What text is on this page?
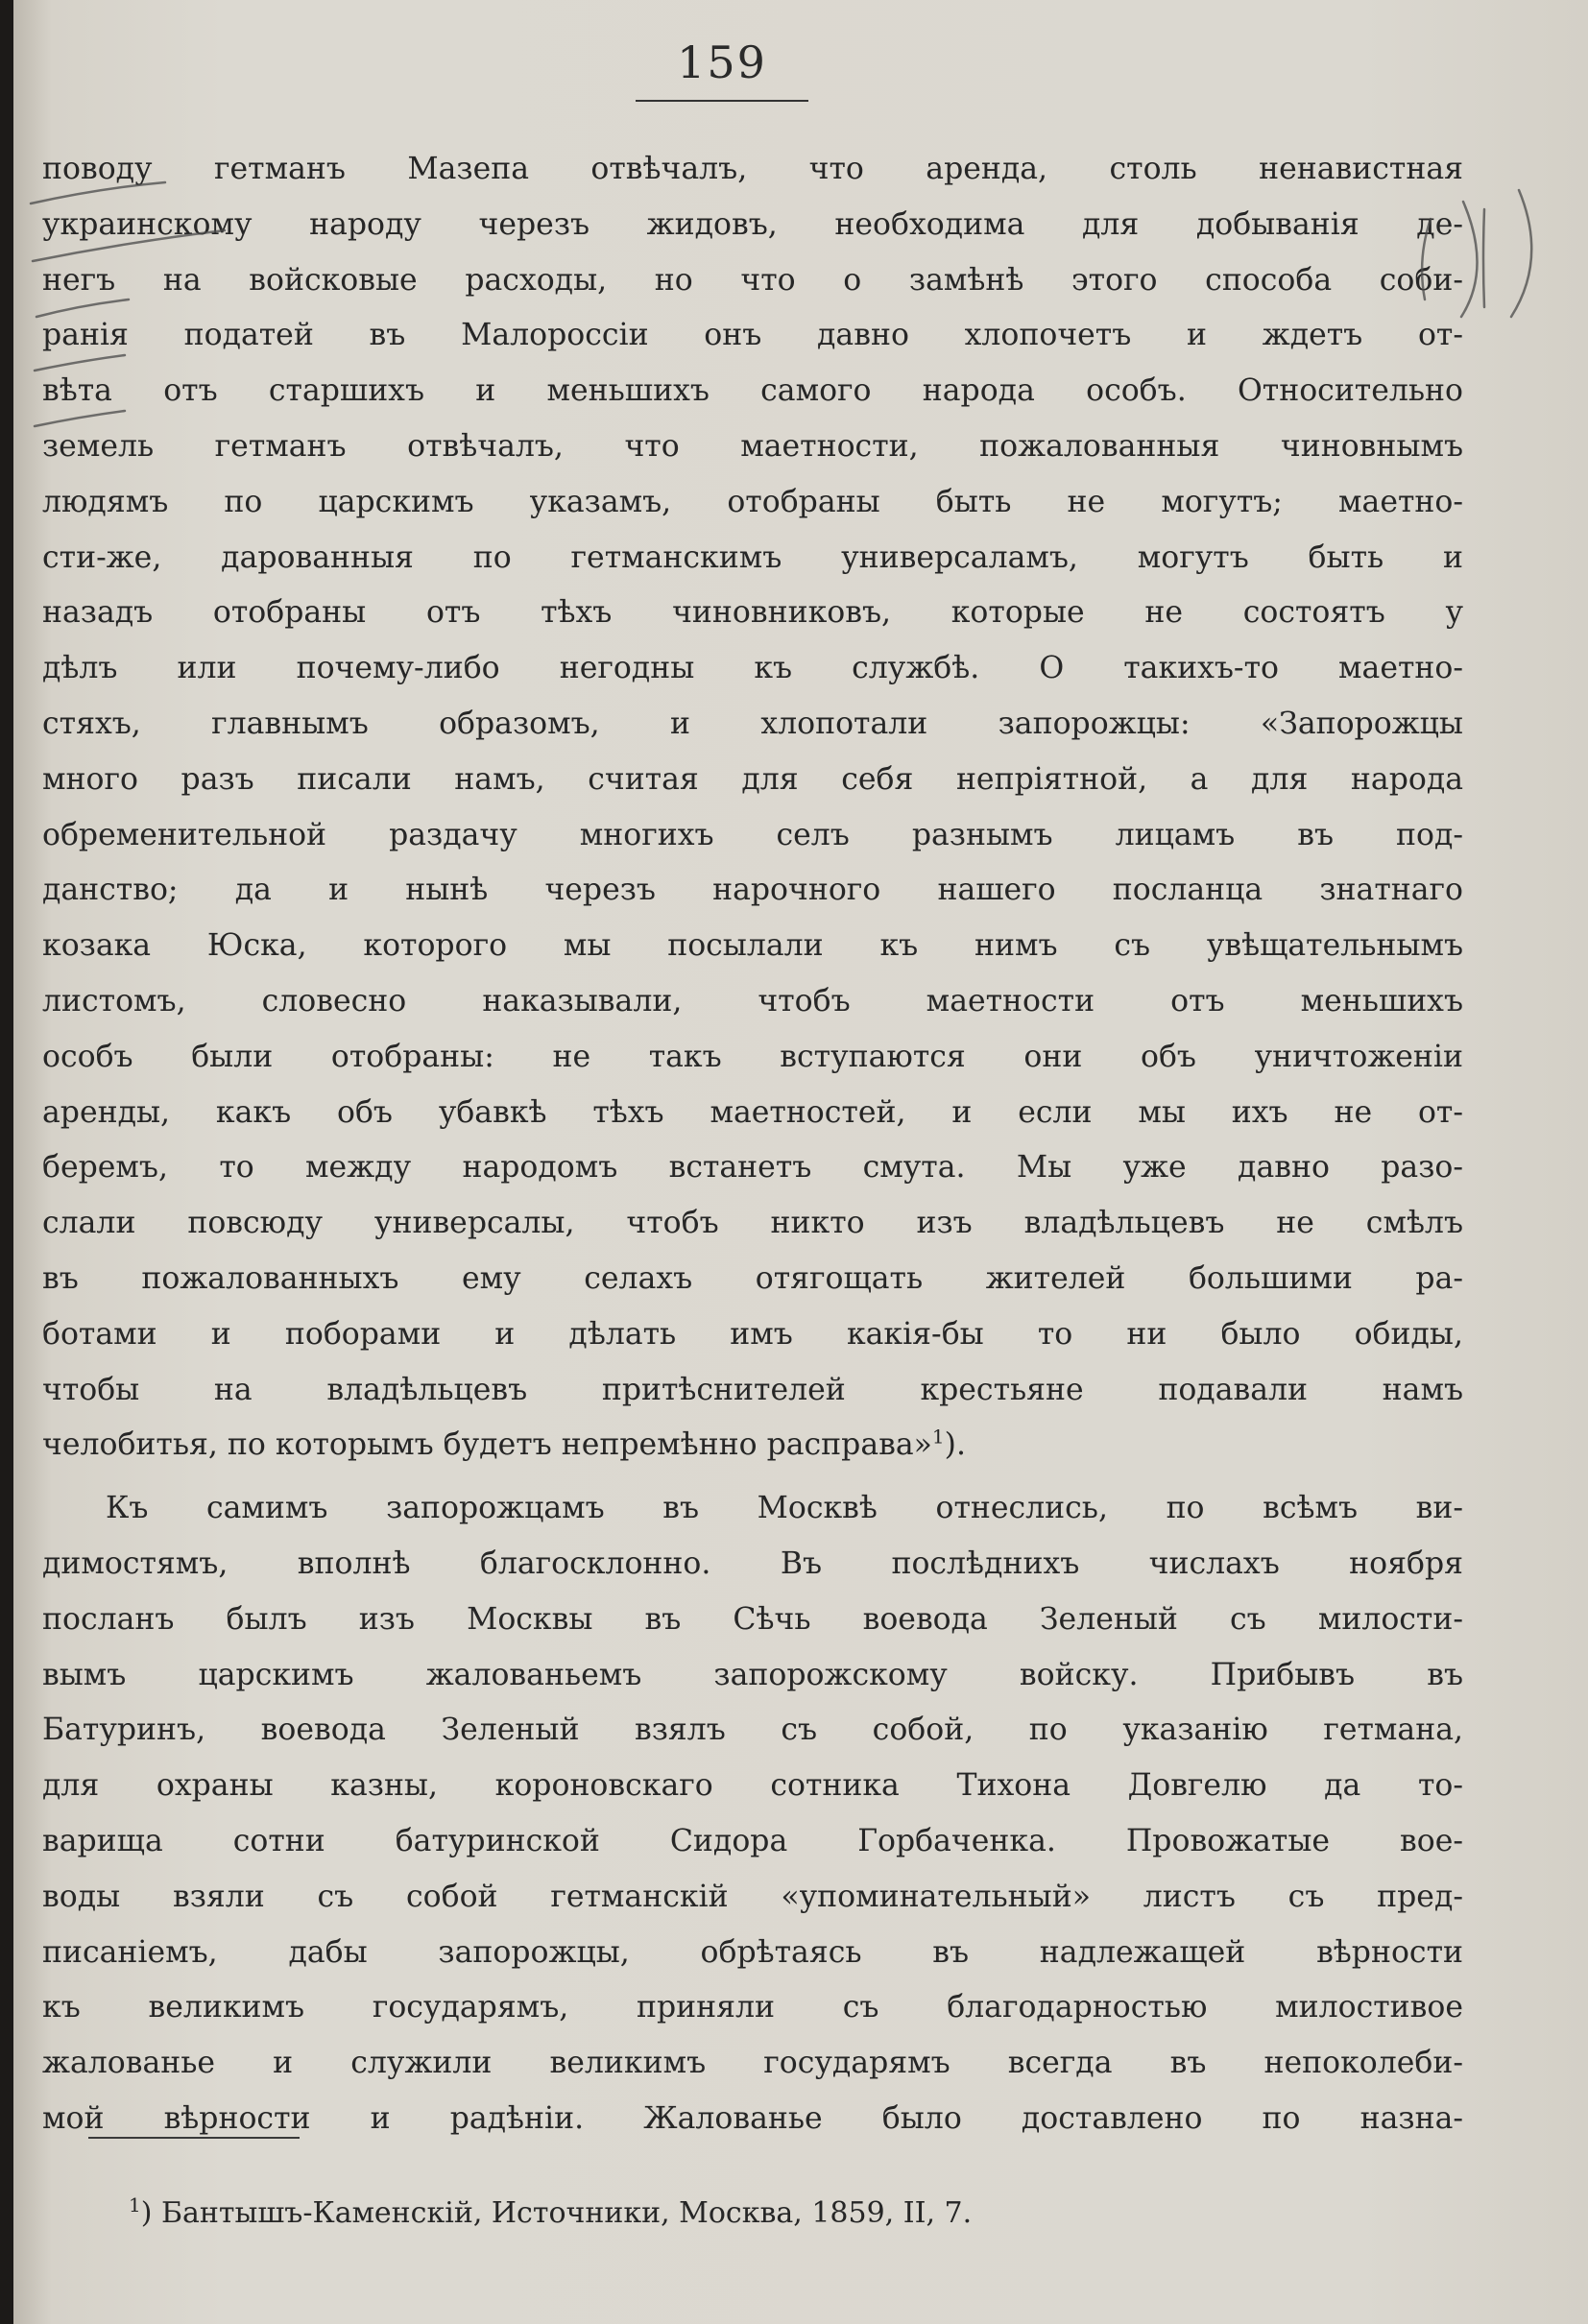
159
поводу гетманъ Мазепа отвѣчалъ, что аренда, столь ненавистная
украинскому народу черезъ жидовъ, необходима для добыванія де-
негъ на войсковые расходы, но что о замѣнѣ этого способа соби-
ранія податей въ Малороссіи онъ давно хлопочетъ и ждетъ от-
вѣта отъ старшихъ и меньшихъ самого народа особъ. Относительно
земель гетманъ отвѣчалъ, что маетности, пожалованныя чиновнымъ
людямъ по царскимъ указамъ, отобраны быть не могутъ; маетно-
сти-же, дарованныя по гетманскимъ универсаламъ, могутъ быть и
назадъ отобраны отъ тѣхъ чиновниковъ, которые не состоятъ у
дѣлъ или почему-либо негодны къ службѣ. О такихъ-то маетно-
стяхъ, главнымъ образомъ, и хлопотали запорожцы: «Запорожцы
много разъ писали намъ, считая для себя непріятной, а для народа
обременительной раздачу многихъ селъ разнымъ лицамъ въ под-
данство; да и нынѣ черезъ нарочного нашего посланца знатнаго
козака Юска, которого мы посылали къ нимъ съ увѣщательнымъ
листомъ, словесно наказывали, чтобъ маетности отъ меньшихъ
особъ были отобраны: не такъ вступаются они объ уничтоженіи
аренды, какъ объ убавкѣ тѣхъ маетностей, и если мы ихъ не от-
беремъ, то между народомъ встанетъ смута. Мы уже давно разо-
слали повсюду универсалы, чтобъ никто изъ владѣльцевъ не смѣлъ
въ пожалованныхъ ему селахъ отягощать жителей большими ра-
ботами и поборами и дѣлать имъ какія-бы то ни было обиды,
чтобы на владѣльцевъ притѣснителей крестьяне подавали намъ
челобитья, по которымъ будетъ непремѣнно расправа»$^1$).
Къ самимъ запорожцамъ въ Москвѣ отнеслись, по всѣмъ ви-
димостямъ, вполнѣ благосклонно. Въ послѣднихъ числахъ ноября
посланъ былъ изъ Москвы въ Сѣчь воевода Зеленый съ милости-
вымъ царскимъ жалованьемъ запорожскому войску. Прибывъ въ
Батуринъ, воевода Зеленый взялъ съ собой, по указанію гетмана,
для охраны казны, короновскаго сотника Тихона Довгелю да то-
варища сотни батуринской Сидора Горбаченка. Провожатые вое-
воды взяли съ собой гетманскій «упоминательный» листъ съ пред-
писаніемъ, дабы запорожцы, обрѣтаясь въ надлежащей вѣрности
къ великимъ государямъ, приняли съ благодарностью милостивое
жалованье и служили великимъ государямъ всегда въ непоколеби-
мой вѣрности и радѣніи. Жалованье было доставлено по назна-
$^1$) Бантышъ-Каменскій, Источники, Москва, 1859, II, 7.
